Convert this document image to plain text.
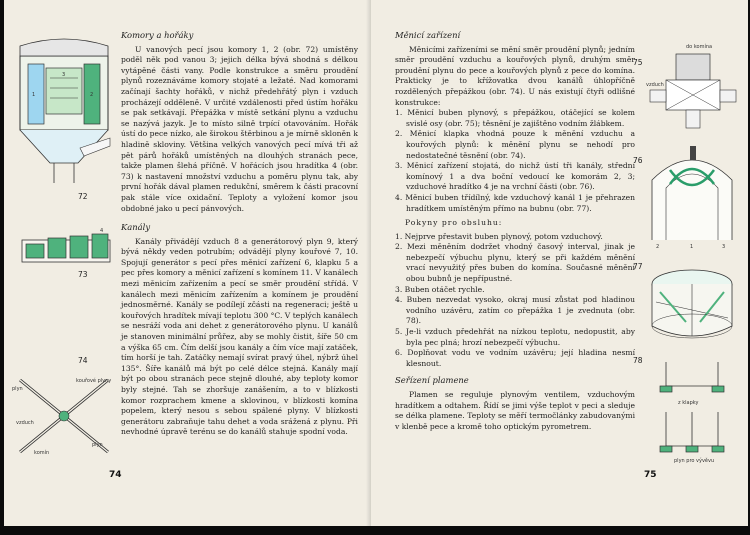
1	2
3
72
4
73
74
plyn
kouřové plyny
vzduch
komín
plyn
74

Komory a hořáky

U vanových pecí jsou komory 1, 2 (obr. 72) umístěny poděl něk pod vanou 3; jejich délka bývá shodná s délkou vytápěné části vany. Podle konstrukce a směru proudění plynů rozeznáváme komory stojaté a ležaté. Nad komorami začínají šachty hořáků, v nichž předehřátý plyn i vzduch procházejí odděleně. V určité vzdálenosti před ústím hořáku se pak setkávají. Přepážka v místě setkání plynu a vzduchu se nazývá jazyk. Je to místo silně trpící otavováním. Hořák ústí do pece nízko, ale širokou štěrbinou a je mírně skloněn k hladině skloviny. Většina velkých vanových pecí mívá tři až pět párů hořáků umístěných na dlouhých stranách pece, takže plamen šlehá příčně. V hořácích jsou hradítka 4 (obr. 73) k nastavení množství vzduchu a poměru plynu tak, aby první hořák dával plamen redukční, směrem k části pracovní pak stále více oxidační. Teploty a vyložení komor jsou obdobné jako u pecí pánvových.

Kanály

Kanály přivádějí vzduch 8 a generátorový plyn 9, který bývá někdy veden potrubím; odvádějí plyny kouřové 7, 10. Spojují generátor s pecí přes měnicí zařízení 6, klapku 5 a pec přes komory a měnicí zařízení s komínem 11. V kanálech mezi měnicím zařízením a pecí se směr proudění střídá. V kanálech mezi měnicím zařízením a komínem je proudění jednosměrné. Kanály se podílejí zčásti na regeneraci; ještě u kouřových hradítek mívají teplotu 300 °C. V teplých kanálech se nesráží voda ani dehet z generátorového plynu. U kanálů je stanoven minimální průřez, aby se mohly čistit, šíře 50 cm a výška 65 cm. Čím delší jsou kanály a čím více mají zatáček, tím horší je tah. Zatáčky nemají svírat pravý úhel, nýbrž úhel 135°. Šíře kanálů má být po celé délce stejná. Kanály mají být po obou stranách pece stejně dlouhé, aby teploty komor byly stejné. Tah se zhoršuje zanášením, a to v blízkosti komor rozprachem kmene a sklovinou, v blízkosti komína popelem, který nesou s sebou spálené plyny. V blízkosti generátoru zabraňuje tahu dehet a voda srážená z plynu. Při nevhodné úpravě terénu se do kanálů stahuje spodní voda.

Měnicí zařízení

Měnicími zařízeními se mění směr proudění plynů; jedním směr proudění vzduchu a kouřových plynů, druhým směr proudění plynu do pece a kouřových plynů z pece do komína. Prakticky je to křížovatka dvou kanálů úhlopříčně rozdělených přepážkou (obr. 74). U nás existují čtyři odlišné konstrukce:

1. Měnicí buben plynový, s přepážkou, otáčející se kolem svislé osy (obr. 75); těsnění je zajištěno vodním žlábkem.
2. Měnicí klapka vhodná pouze k měnění vzduchu a kouřových plynů: k měnění plynu se nehodí pro nedostatečné těsnění (obr. 74).
3. Měnicí zařízení stojatá, do nichž ústí tři kanály, střední komínový 1 a dva boční vedoucí ke komorám 2, 3; vzduchové hradítko 4 je na vrchní části (obr. 76).
4. Měnicí buben třídílný, kde vzduchový kanál 1 je přehrazen hradítkem umístěným přímo na bubnu (obr. 77).

Pokyny pro obsluhu:

1. Nejprve přestavit buben plynový, potom vzduchový.
2. Mezi měněním dodržet vhodný časový interval, jinak je nebezpečí výbuchu plynu, který se při každém měnění vrací nevyužitý přes buben do komína. Současné měnění obou bubnů je nepřípustné.
3. Buben otáčet rychle.
4. Buben nezvedat vysoko, okraj musí zůstat pod hladinou vodního uzávěru, zatím co přepážka 1 je zvednuta (obr. 78).
5. Je-li vzduch předehřát na nízkou teplotu, nedopustit, aby byla pec plná; hrozí nebezpečí výbuchu.
6. Doplňovat vodu ve vodním uzávěru; její hladina nesmí klesnout.

Seřízení plamene

Plamen se reguluje plynovým ventilem, vzduchovým hradítkem a odtahem. Řídí se jimi výše teplot v peci a sleduje se délka plamene. Teploty se měří termočlánky zabudovanými v klenbě pece a kromě toho optickým pyrometrem.

75
do komína
vzduch
76
2	1	3
77
78
z klapky
plyn pro vývěvu
75
